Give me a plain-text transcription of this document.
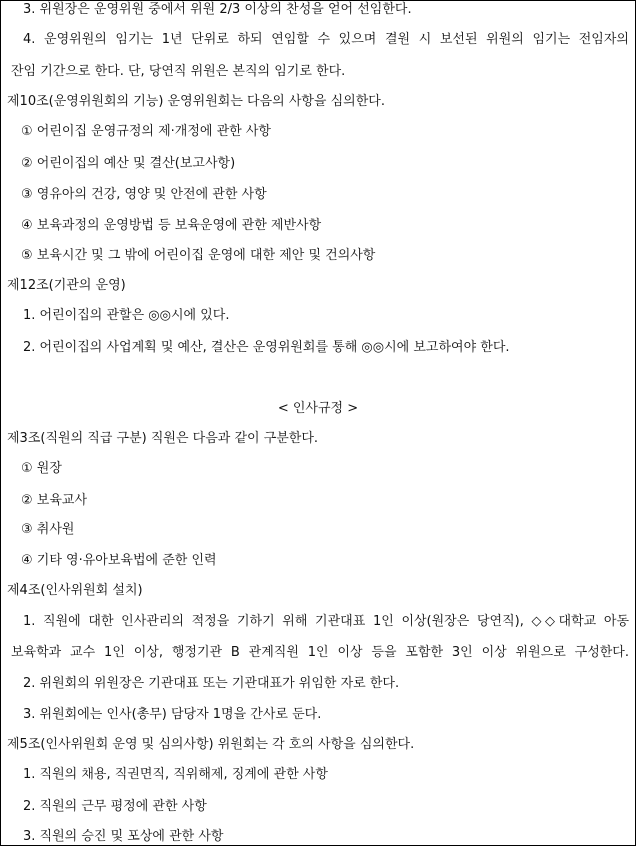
3. 위원장은 운영위원 중에서 위원 2/3 이상의 찬성을 얻어 선임한다.
4. 운영위원의 임기는 1년 단위로 하되 연임할 수 있으며 결원 시 보선된 위원의 임기는 전임자의
잔임 기간으로 한다. 단, 당연직 위원은 본직의 임기로 한다.
제10조(운영위원회의 기능) 운영위원회는 다음의 사항을 심의한다.
① 어린이집 운영규정의 제·개정에 관한 사항
② 어린이집의 예산 및 결산(보고사항)
③ 영유아의 건강, 영양 및 안전에 관한 사항
④ 보육과정의 운영방법 등 보육운영에 관한 제반사항
⑤ 보육시간 및 그 밖에 어린이집 운영에 대한 제안 및 건의사항
제12조(기관의 운영)
1. 어린이집의 관할은 ◎◎시에 있다.
2. 어린이집의 사업계획 및 예산, 결산은 운영위원회를 통해 ◎◎시에 보고하여야 한다.
< 인사규정 >
제3조(직원의 직급 구분) 직원은 다음과 같이 구분한다.
① 원장
② 보육교사
③ 취사원
④ 기타 영·유아보육법에 준한 인력
제4조(인사위원회 설치)
1. 직원에 대한 인사관리의 적정을 기하기 위해 기관대표 1인 이상(원장은 당연직), ◇◇대학교 아동
보육학과 교수 1인 이상, 행정기관 B 관계직원 1인 이상 등을 포함한 3인 이상 위원으로 구성한다.
2. 위원회의 위원장은 기관대표 또는 기관대표가 위임한 자로 한다.
3. 위원회에는 인사(총무) 담당자 1명을 간사로 둔다.
제5조(인사위원회 운영 및 심의사항) 위원회는 각 호의 사항을 심의한다.
1. 직원의 채용, 직권면직, 직위해제, 징계에 관한 사항
2. 직원의 근무 평정에 관한 사항
3. 직원의 승진 및 포상에 관한 사항
